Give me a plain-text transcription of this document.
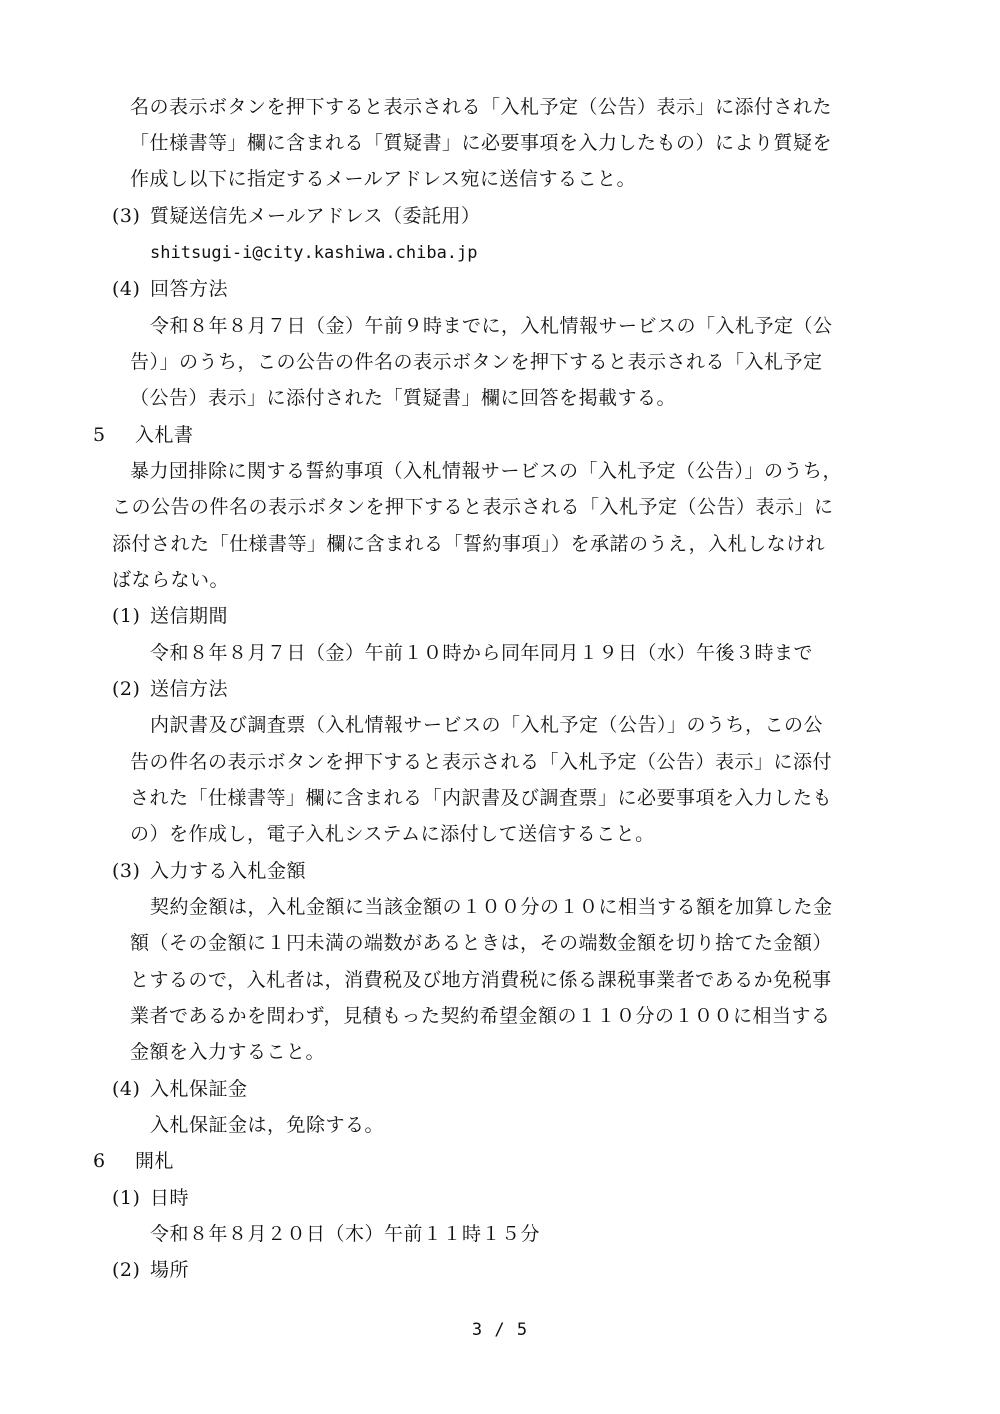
名の表示ボタンを押下すると表示される「入札予定（公告）表示」に添付された
「仕様書等」欄に含まれる「質疑書」に必要事項を入力したもの）により質疑を
作成し以下に指定するメールアドレス宛に送信すること。
(3) 質疑送信先メールアドレス（委託用）
shitsugi-i@city.kashiwa.chiba.jp
(4) 回答方法
令和８年８月７日（金）午前９時までに，入札情報サービスの「入札予定（公
告）」のうち，この公告の件名の表示ボタンを押下すると表示される「入札予定
（公告）表示」に添付された「質疑書」欄に回答を掲載する。
5 入札書
暴力団排除に関する誓約事項（入札情報サービスの「入札予定（公告）」のうち，
この公告の件名の表示ボタンを押下すると表示される「入札予定（公告）表示」に
添付された「仕様書等」欄に含まれる「誓約事項」）を承諾のうえ，入札しなけれ
ばならない。
(1) 送信期間
令和８年８月７日（金）午前１０時から同年同月１９日（水）午後３時まで
(2) 送信方法
内訳書及び調査票（入札情報サービスの「入札予定（公告）」のうち，この公
告の件名の表示ボタンを押下すると表示される「入札予定（公告）表示」に添付
された「仕様書等」欄に含まれる「内訳書及び調査票」に必要事項を入力したも
の）を作成し，電子入札システムに添付して送信すること。
(3) 入力する入札金額
契約金額は，入札金額に当該金額の１００分の１０に相当する額を加算した金
額（その金額に１円未満の端数があるときは，その端数金額を切り捨てた金額）
とするので，入札者は，消費税及び地方消費税に係る課税事業者であるか免税事
業者であるかを問わず，見積もった契約希望金額の１１０分の１００に相当する
金額を入力すること。
(4) 入札保証金
入札保証金は，免除する。
6 開札
(1) 日時
令和８年８月２０日（木）午前１１時１５分
(2) 場所
3 / 5
